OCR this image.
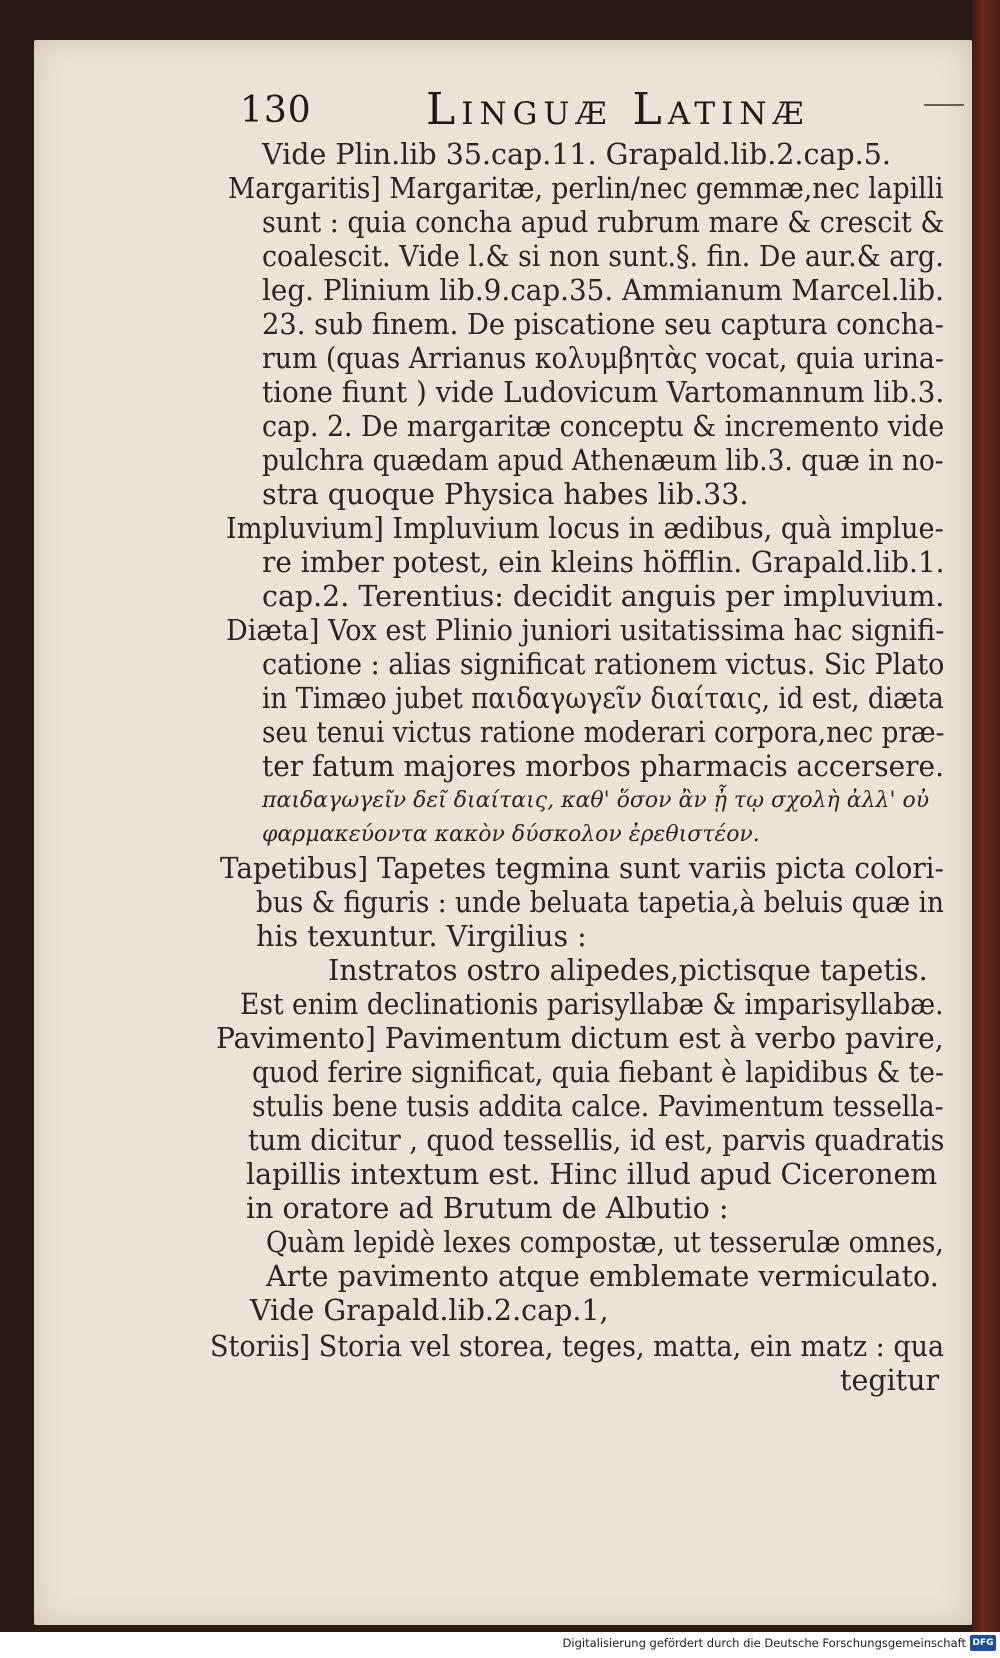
130	Linguæ Latinæ
Vide Plin.lib 35.cap.11. Grapald.lib.2.cap.5.
Margaritis] Margaritæ, perlin/nec gemmæ,nec lapilli
sunt : quia concha apud rubrum mare & crescit &
coalescit. Vide l.& si non sunt.§. fin. De aur.& arg.
leg. Plinium lib.9.cap.35. Ammianum Marcel.lib.
23. sub finem. De piscatione seu captura concha-
rum (quas Arrianus κολυμβητὰς vocat, quia urina-
tione fiunt ) vide Ludovicum Vartomannum lib.3.
cap. 2. De margaritæ conceptu & incremento vide
pulchra quædam apud Athenæum lib.3. quæ in no-
stra quoque Physica habes lib.33.
Impluvium] Impluvium locus in ædibus, quà implue-
re imber potest, ein kleins höfflin. Grapald.lib.1.
cap.2. Terentius: decidit anguis per impluvium.
Diæta] Vox est Plinio juniori usitatissima hac signifi-
catione : alias significat rationem victus. Sic Plato
in Timæo jubet παιδαγωγεῖν διαίταις, id est, diæta
seu tenui victus ratione moderari corpora,nec præ-
ter fatum majores morbos pharmacis accersere.
παιδαγωγεῖν δεῖ διαίταις, καθ' ὅσον ἂν ᾖ τῳ σχολὴ ἀλλ' οὐ
φαρμακεύοντα κακὸν δύσκολον ἐρεθιστέον.
Tapetibus] Tapetes tegmina sunt variis picta colori-
bus & figuris : unde beluata tapetia,à beluis quæ in
his texuntur. Virgilius :
Instratos ostro alipedes,pictisque tapetis.
Est enim declinationis parisyllabæ & imparisyllabæ.
Pavimento] Pavimentum dictum est à verbo pavire,
quod ferire significat, quia fiebant è lapidibus & te-
stulis bene tusis addita calce. Pavimentum tessella-
tum dicitur , quod tessellis, id est, parvis quadratis
lapillis intextum est. Hinc illud apud Ciceronem
in oratore ad Brutum de Albutio :
Quàm lepidè lexes compostæ, ut tesserulæ omnes,
Arte pavimento atque emblemate vermiculato.
Vide Grapald.lib.2.cap.1,
Storiis] Storia vel storea, teges, matta, ein matz : qua
tegitur
Digitalisierung gefördert durch die Deutsche Forschungsgemeinschaft DFG
